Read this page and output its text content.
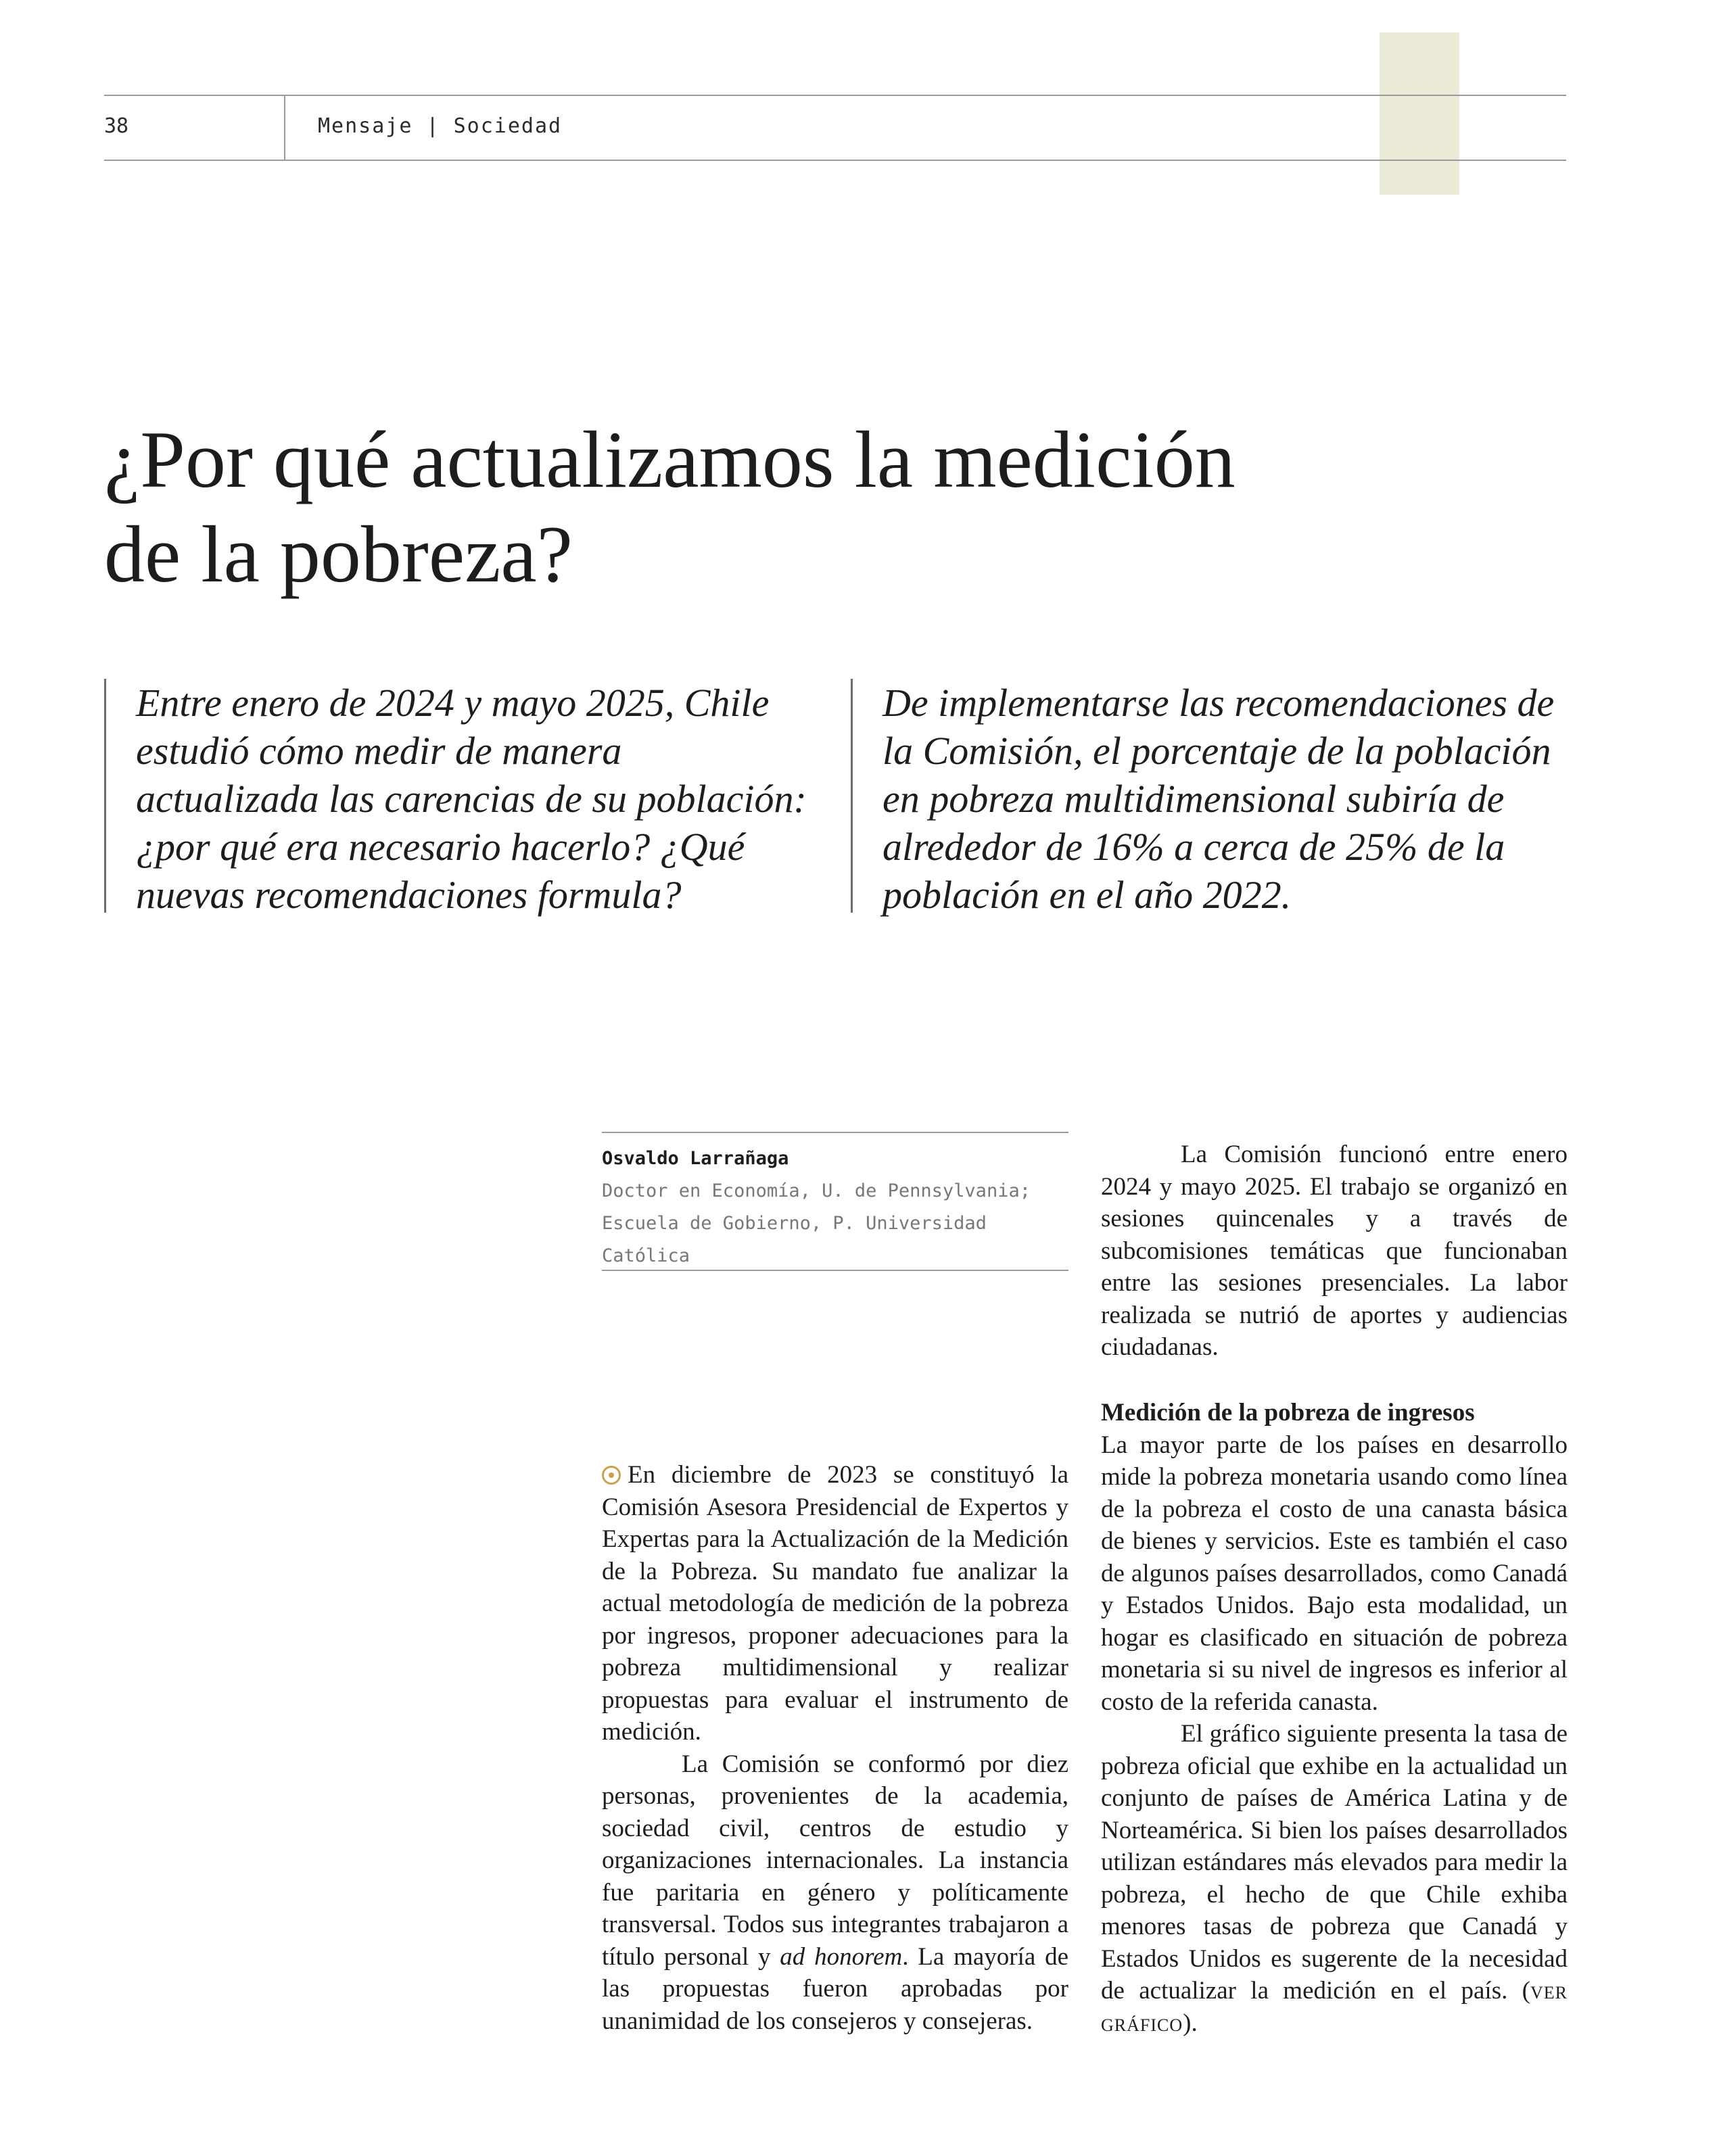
38	Mensaje | Sociedad
¿Por qué actualizamos la medición
de la pobreza?

Entre enero de 2024 y mayo 2025, Chile estudió cómo medir de manera actualizada las carencias de su población: ¿por qué era necesario hacerlo? ¿Qué nuevas recomendaciones formula?

De implementarse las recomendaciones de la Comisión, el porcentaje de la población en pobreza multidimensional subiría de alrededor de 16% a cerca de 25% de la población en el año 2022.

Osvaldo Larrañaga
Doctor en Economía, U. de Pennsylvania; Escuela de Gobierno, P. Universidad Católica

En diciembre de 2023 se constituyó la Comisión Asesora Presidencial de Expertos y Expertas para la Actualización de la Medición de la Pobreza. Su mandato fue analizar la actual metodología de medición de la pobreza por ingresos, proponer adecuaciones para la pobreza multidimensional y realizar propuestas para evaluar el instrumento de medición.

La Comisión se conformó por diez personas, provenientes de la academia, sociedad civil, centros de estudio y organizaciones internacionales. La instancia fue paritaria en género y políticamente transversal. Todos sus integrantes trabajaron a título personal y ad honorem. La mayoría de las propuestas fueron aprobadas por unanimidad de los consejeros y consejeras.

La Comisión funcionó entre enero 2024 y mayo 2025. El trabajo se organizó en sesiones quincenales y a través de subcomisiones temáticas que funcionaban entre las sesiones presenciales. La labor realizada se nutrió de aportes y audiencias ciudadanas.

Medición de la pobreza de ingresos

La mayor parte de los países en desarrollo mide la pobreza monetaria usando como línea de la pobreza el costo de una canasta básica de bienes y servicios. Este es también el caso de algunos países desarrollados, como Canadá y Estados Unidos. Bajo esta modalidad, un hogar es clasificado en situación de pobreza monetaria si su nivel de ingresos es inferior al costo de la referida canasta.

El gráfico siguiente presenta la tasa de pobreza oficial que exhibe en la actualidad un conjunto de países de América Latina y de Norteamérica. Si bien los países desarrollados utilizan estándares más elevados para medir la pobreza, el hecho de que Chile exhiba menores tasas de pobreza que Canadá y Estados Unidos es sugerente de la necesidad de actualizar la medición en el país. (ver gráfico).
